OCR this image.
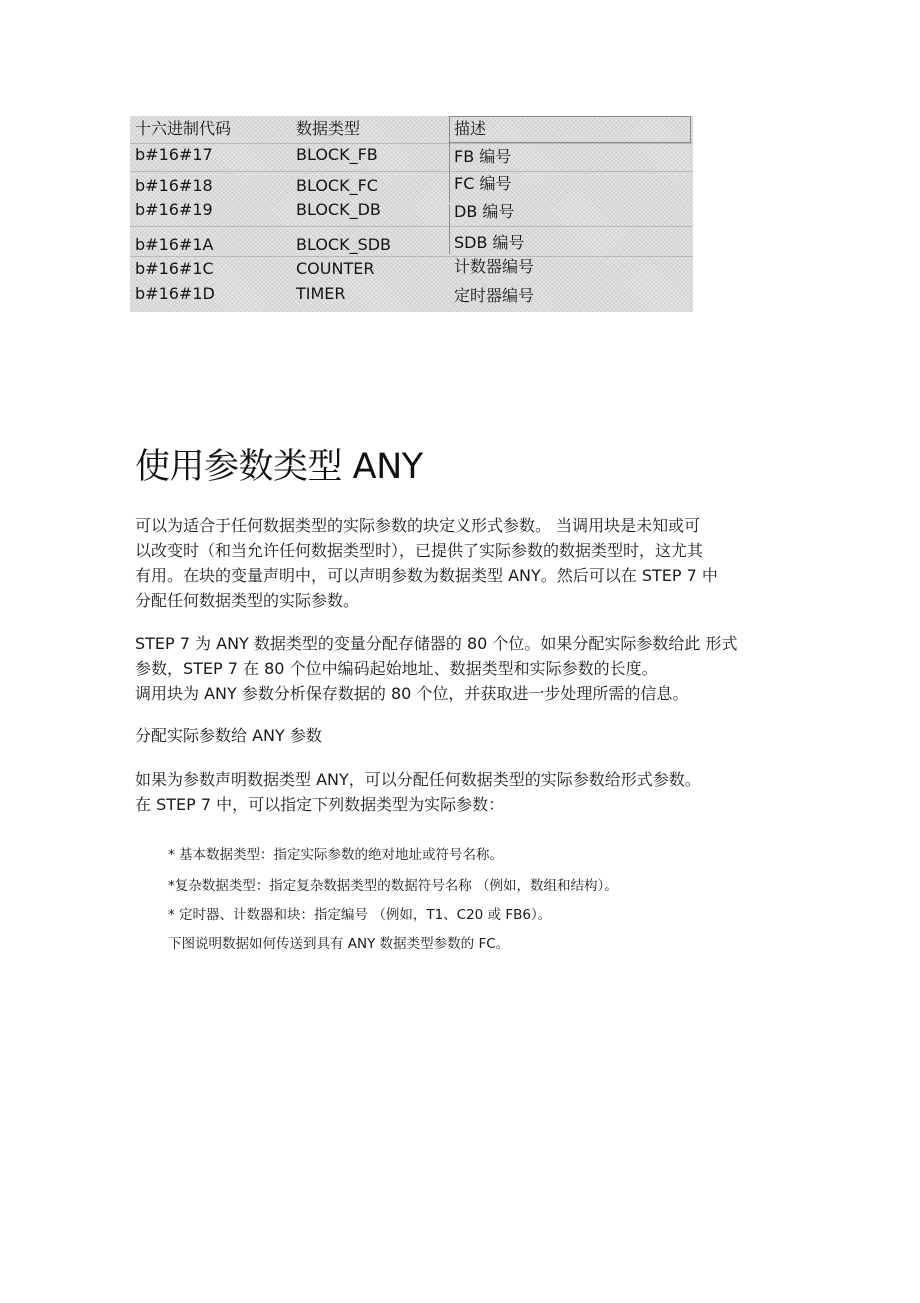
十六进制代码	数据类型	描述
b#16#17	BLOCK_FB	FB 编号
b#16#18	BLOCK_FC	FC 编号
b#16#19	BLOCK_DB	DB 编号
b#16#1A	BLOCK_SDB	SDB 编号
b#16#1C	COUNTER	计数器编号
b#16#1D	TIMER	定时器编号
使用参数类型 ANY

可以为适合于任何数据类型的实际参数的块定义形式参数。 当调用块是未知或可
以改变时（和当允许任何数据类型时），已提供了实际参数的数据类型时，这尤其
有用。在块的变量声明中，可以声明参数为数据类型 ANY。然后可以在 STEP 7 中
分配任何数据类型的实际参数。

STEP 7 为 ANY 数据类型的变量分配存储器的 80 个位。如果分配实际参数给此 形式
参数，STEP 7 在 80 个位中编码起始地址、数据类型和实际参数的长度。
调用块为 ANY 参数分析保存数据的 80 个位，并获取进一步处理所需的信息。

分配实际参数给 ANY 参数

如果为参数声明数据类型 ANY，可以分配任何数据类型的实际参数给形式参数。
在 STEP 7 中，可以指定下列数据类型为实际参数：

* 基本数据类型：指定实际参数的绝对地址或符号名称。

*复杂数据类型：指定复杂数据类型的数据符号名称 （例如，数组和结构）。

* 定时器、计数器和块：指定编号 （例如，T1、C20 或 FB6）。

下图说明数据如何传送到具有 ANY 数据类型参数的 FC。
